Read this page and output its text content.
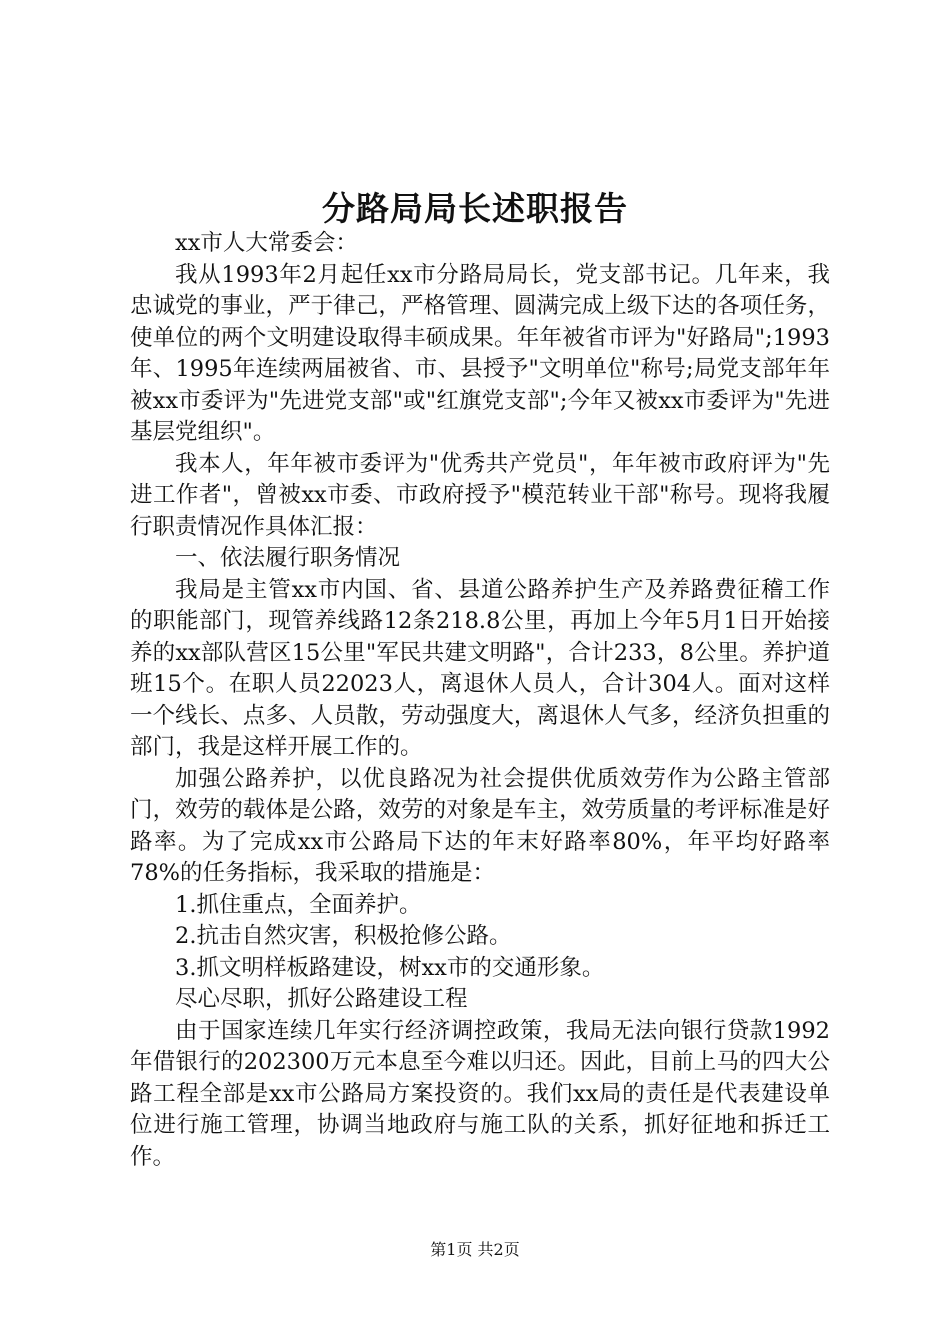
分路局局长述职报告

xx市人大常委会：

我从1993年2月起任xx市分路局局长，党支部书记。几年来，我忠诚党的事业，严于律己，严格管理、圆满完成上级下达的各项任务，使单位的两个文明建设取得丰硕成果。年年被省市评为"好路局";1993年、1995年连续两届被省、市、县授予"文明单位"称号;局党支部年年被xx市委评为"先进党支部"或"红旗党支部";今年又被xx市委评为"先进基层党组织"。

我本人，年年被市委评为"优秀共产党员"，年年被市政府评为"先进工作者"，曾被xx市委、市政府授予"模范转业干部"称号。现将我履行职责情况作具体汇报：

一、依法履行职务情况

我局是主管xx市内国、省、县道公路养护生产及养路费征稽工作的职能部门，现管养线路12条218.8公里，再加上今年5月1日开始接养的xx部队营区15公里"军民共建文明路"，合计233，8公里。养护道班15个。在职人员22023人，离退休人员人，合计304人。面对这样一个线长、点多、人员散，劳动强度大，离退休人气多，经济负担重的部门，我是这样开展工作的。

加强公路养护，以优良路况为社会提供优质效劳作为公路主管部门，效劳的载体是公路，效劳的对象是车主，效劳质量的考评标准是好路率。为了完成xx市公路局下达的年末好路率80%，年平均好路率78%的任务指标，我采取的措施是：

1.抓住重点，全面养护。

2.抗击自然灾害，积极抢修公路。

3.抓文明样板路建设，树xx市的交通形象。

尽心尽职，抓好公路建设工程

由于国家连续几年实行经济调控政策，我局无法向银行贷款1992年借银行的202300万元本息至今难以归还。因此，目前上马的四大公路工程全部是xx市公路局方案投资的。我们xx局的责任是代表建设单位进行施工管理，协调当地政府与施工队的关系，抓好征地和拆迁工作。

第1页 共2页
